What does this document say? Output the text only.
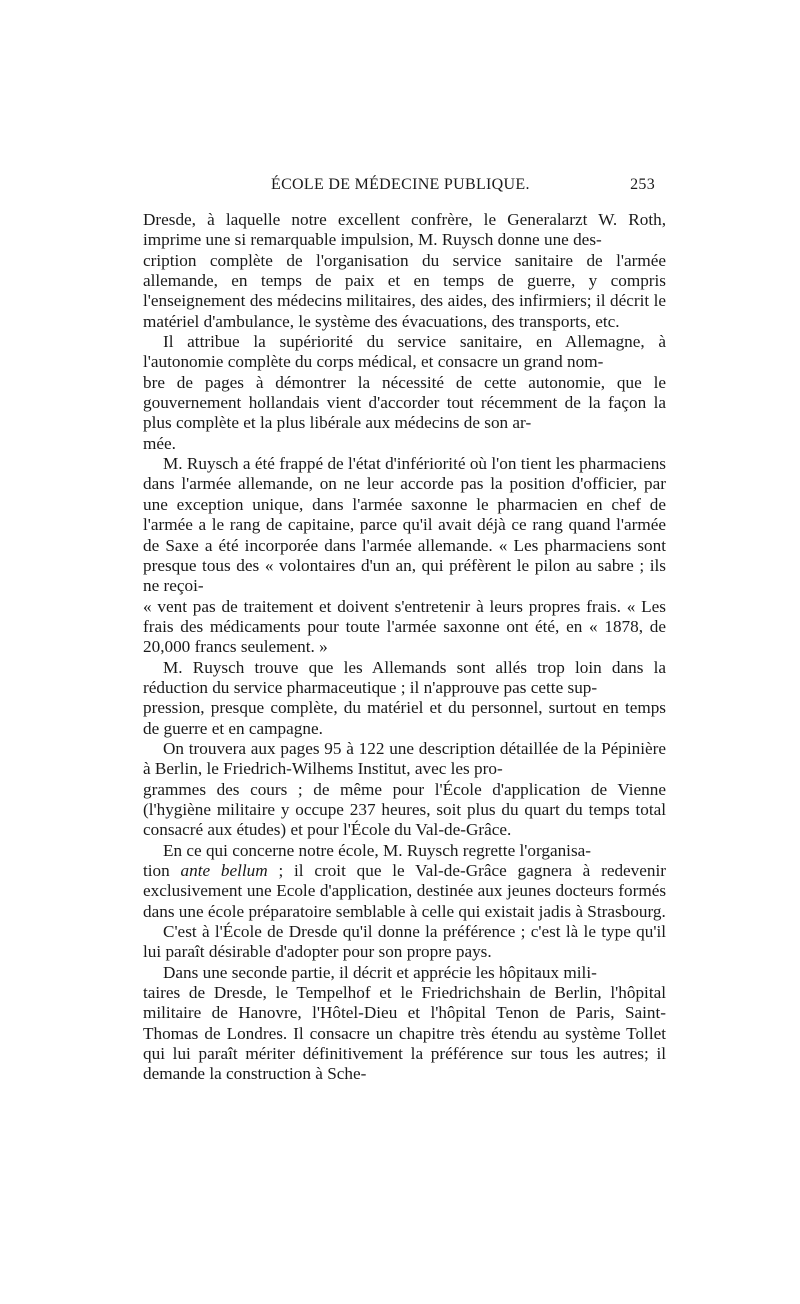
ÉCOLE DE MÉDECINE PUBLIQUE.	253

Dresde, à laquelle notre excellent confrère, le Generalarzt W. Roth, imprime une si remarquable impulsion, M. Ruysch donne une des-
cription complète de l'organisation du service sanitaire de l'armée allemande, en temps de paix et en temps de guerre, y compris l'enseignement des médecins militaires, des aides, des infirmiers; il décrit le matériel d'ambulance, le système des évacuations, des transports, etc.

Il attribue la supériorité du service sanitaire, en Allemagne, à l'autonomie complète du corps médical, et consacre un grand nom-
bre de pages à démontrer la nécessité de cette autonomie, que le gouvernement hollandais vient d'accorder tout récemment de la façon la plus complète et la plus libérale aux médecins de son ar-
mée.

M. Ruysch a été frappé de l'état d'infériorité où l'on tient les pharmaciens dans l'armée allemande, on ne leur accorde pas la position d'officier, par une exception unique, dans l'armée saxonne le pharmacien en chef de l'armée a le rang de capitaine, parce qu'il avait déjà ce rang quand l'armée de Saxe a été incorporée dans l'armée allemande. « Les pharmaciens sont presque tous des « volontaires d'un an, qui préfèrent le pilon au sabre ; ils ne reçoi-
« vent pas de traitement et doivent s'entretenir à leurs propres frais. « Les frais des médicaments pour toute l'armée saxonne ont été, en « 1878, de 20,000 francs seulement. »

M. Ruysch trouve que les Allemands sont allés trop loin dans la réduction du service pharmaceutique ; il n'approuve pas cette sup-
pression, presque complète, du matériel et du personnel, surtout en temps de guerre et en campagne.

On trouvera aux pages 95 à 122 une description détaillée de la Pépinière à Berlin, le Friedrich-Wilhems Institut, avec les pro-
grammes des cours ; de même pour l'École d'application de Vienne (l'hygiène militaire y occupe 237 heures, soit plus du quart du temps total consacré aux études) et pour l'École du Val-de-Grâce.

En ce qui concerne notre école, M. Ruysch regrette l'organisa-
tion ante bellum ; il croit que le Val-de-Grâce gagnera à redevenir exclusivement une Ecole d'application, destinée aux jeunes docteurs formés dans une école préparatoire semblable à celle qui existait jadis à Strasbourg.

C'est à l'École de Dresde qu'il donne la préférence ; c'est là le type qu'il lui paraît désirable d'adopter pour son propre pays.

Dans une seconde partie, il décrit et apprécie les hôpitaux mili-
taires de Dresde, le Tempelhof et le Friedrichshain de Berlin, l'hôpital militaire de Hanovre, l'Hôtel-Dieu et l'hôpital Tenon de Paris, Saint-Thomas de Londres. Il consacre un chapitre très étendu au système Tollet qui lui paraît mériter définitivement la préférence sur tous les autres; il demande la construction à Sche-
